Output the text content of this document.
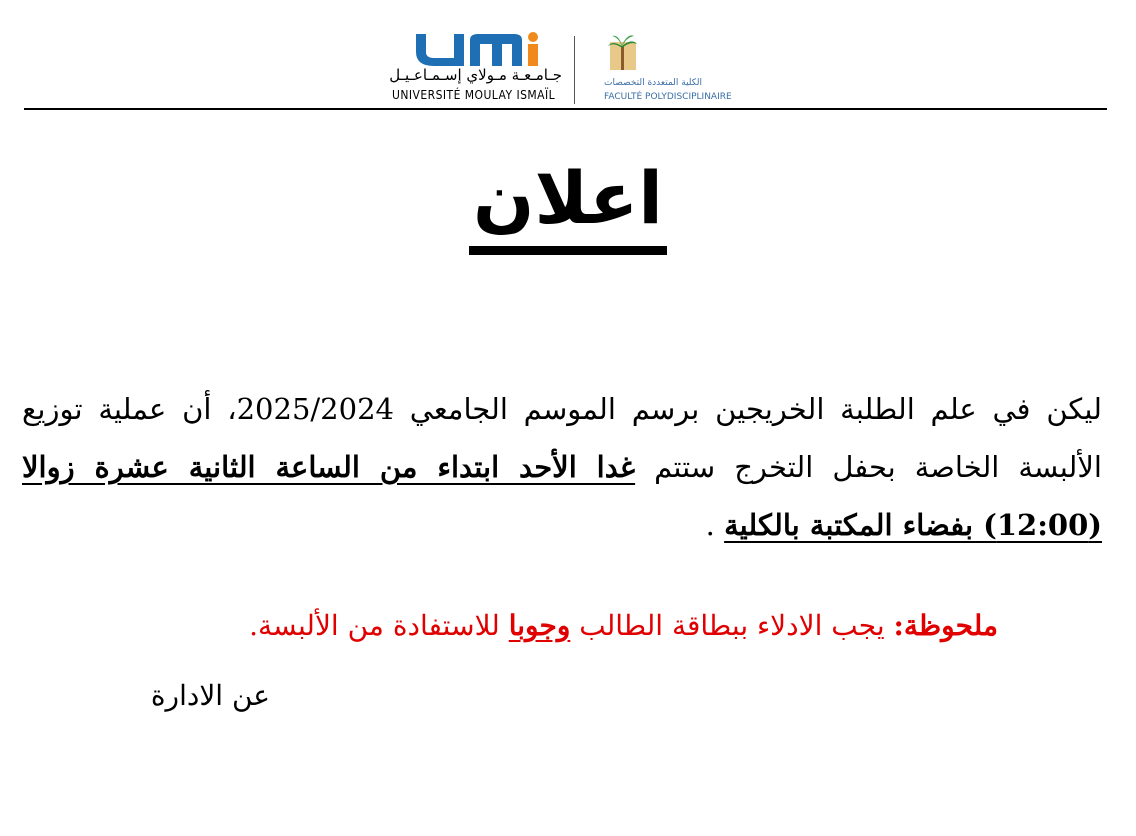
جـامـعـة مـولاي إسـمـاعـيـل
UNIVERSITÉ MOULAY ISMAÏL
الكلية المتعددة التخصصات
FACULTÉ POLYDISCIPLINAIRE
اعلان
ليكن في علم الطلبة الخريجين برسم الموسم الجامعي 2025/2024، أن عملية توزيع الألبسة الخاصة بحفل التخرج ستتم غدا الأحد ابتداء من الساعة الثانية عشرة زوالا (12:00) بفضاء المكتبة بالكلية .
ملحوظة: يجب الادلاء ببطاقة الطالب وجوبا للاستفادة من الألبسة.
عن الادارة
